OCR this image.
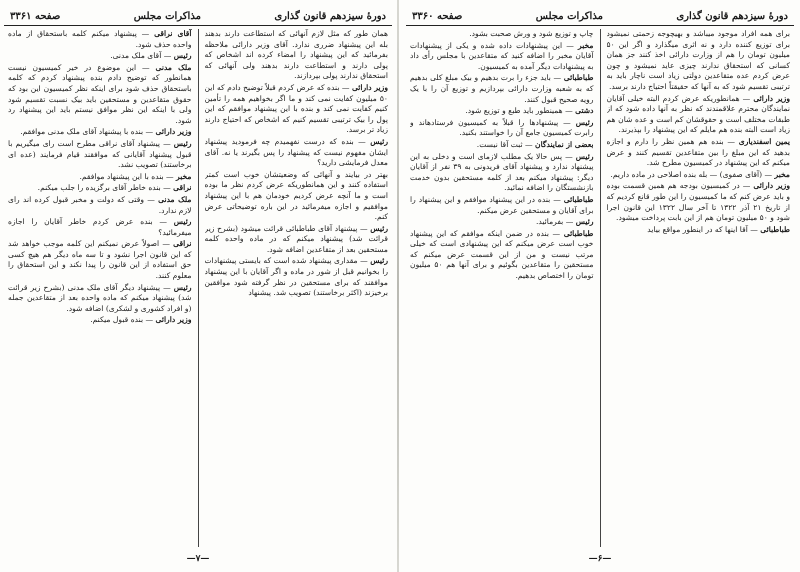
دورهٔ سیزدهم قانون گذاری
مذاکرات مجلس
صفحه ۳۳۶۱

همان طور که مثل لازم آنهائی که استطاعت دارند بدهند بله این پیشنهاد ضرری ندارد. آقای وزیر دارائی ملاحظه بفرمائید که این پیشنهاد را امضاء کرده اند اشخاص که پولی دارند و استطاعت دارند بدهند ولی آنهائی که استحقاق ندارند پولی بپردازند.

وزیر دارائی — بنده که عرض کردم قبلاً توضیح دادم که این ۵۰ میلیون کفایت نمی کند و ما اگر بخواهیم همه را تأمین کنیم کفایت نمی کند و بنده با این پیشنهاد موافقم که این پول را بیک ترتیبی تقسیم کنیم که اشخاص که احتیاج دارند زیاد تر برسد.

رئیس — بنده که درست نفهمیدم چه فرمودید پیشنهاد ایشان مفهوم نیست که پیشنهاد را پس بگیرند یا نه. آقای معدل فرمایشی دارید؟

بهتر در بیایند و آنهائی که وضعیتشان خوب است کمتر استفاده کنند و این همانطوریکه عرض کردم نظر ما بوده است و ما آنچه عرض کردیم خودمان هم با این پیشنهاد موافقیم و اجازه میفرمائید در این باره توضیحاتی عرض کنم.

رئیس — پیشنهاد آقای طباطبائی قرائت میشود (بشرح زیر قرائت شد) پیشنهاد میکنم که در ماده واحده کلمه مستحقین بعد از متقاعدین اضافه شود.

رئیس — مقداری پیشنهاد شده است که بایستی پیشنهادات را بخوانیم قبل از شور در ماده و اگر آقایان با این پیشنهاد موافقند که برای مستحقین در نظر گرفته شود موافقین برخیزند (اکثر برخاستند) تصویب شد. پیشنهاد

آقای نراقی — پیشنهاد میکنم کلمه باستحقاق از ماده واحده حذف شود.

رئیس — آقای ملک مدنی.

ملک مدنی — این موضوع در خیر کمیسیون نیست همانطور که توضیح دادم بنده پیشنهاد کردم که کلمه باستحقاق حذف شود برای اینکه نظر کمیسیون این بود که حقوق متقاعدین و مستحقین باید بیک نسبت تقسیم شود ولی با اینکه این نظر موافق نیستم باید این پیشنهاد رد شود.

وزیر دارائی — بنده با پیشنهاد آقای ملک مدنی موافقم.

رئیس — پیشنهاد آقای نراقی مطرح است رای میگیریم با قبول پیشنهاد آقایانی که موافقند قیام فرمایند (عده ای برخاستند) تصویب نشد.

مخبر — بنده با این پیشنهاد موافقم.

نراقی — بنده خاطر آقای برگزیده را جلب میکنم.

ملک مدنی — وقتی که دولت و مخبر قبول کرده اند رای لازم ندارد.

رئیس — بنده عرض کردم خاطر آقایان را اجازه میفرمائید؟

نراقی — اصولاً عرض نمیکنم این کلمه موجب خواهد شد که این قانون اجرا نشود و تا سه ماه دیگر هم هیچ کسی حق استفاده از این قانون را پیدا نکند و این استحقاق را معلوم کنند.

رئیس — پیشنهاد دیگر آقای ملک مدنی (بشرح زیر قرائت شد) پیشنهاد میکنم که ماده واحده بعد از متقاعدین جمله (و افراد کشوری و لشکری) اضافه شود.

وزیر دارائی — بنده قبول میکنم.

—۷—
دورهٔ سیزدهم قانون گذاری
مذاکرات مجلس
صفحه ۳۳۶۰

برای همه افراد موجود میباشد و بهیچوجه زحمتی نمیشود برای توزیع کننده دارد و نه اثری میگذارد و اگر این ۵۰ میلیون تومان را هم از وزارت دارائی اخذ کنند جز همان کسانی که استحقاق ندارند چیزی عاید نمیشود و چون عرض کردم عده متقاعدین دولتی زیاد است ناچار باید به ترتیبی تقسیم شود که به آنها که حقیقتاً احتیاج دارند برسد.

وزیر دارائی — همانطوریکه عرض کردم البته خیلی آقایان نمایندگان محترم علاقمندند که نظر به آنها داده شود که از طبقات مختلف است و حقوقشان کم است و عده شان هم زیاد است البته بنده هم مایلم که این پیشنهاد را بپذیرند.

یمین اسفندیاری — بنده هم همین نظر را دارم و اجازه بدهید که این مبلغ را بین متقاعدین تقسیم کنند و عرض میکنم که این پیشنهاد در کمیسیون مطرح شد.

مخبر — (آقای صفوی) — بله بنده اصلاحی در ماده داریم.

وزیر دارائی — در کمیسیون بودجه هم همین قسمت بوده و باید عرض کنم که ما کمیسیون را این طور قانع کردیم که از تاریخ ۲۱ آذر ۱۳۲۲ تا آخر سال ۱۳۲۲ این قانون اجرا شود و ۵۰ میلیون تومان هم از این بابت پرداخت میشود.

طباطبائی — آقا اینها که در اینطور مواقع بیاید

چاپ و توزیع شود و ورش صحبت بشود.

مخبر — این پیشنهادات داده شده و یکی از پیشنهادات آقایان مخبر را اضافه کنید که متقاعدین با مجلس رأی داد به پیشنهادات دیگر آمده به کمیسیون.

طباطبائی — باید جزء را برت بدهیم و بیک مبلغ کلی بدهیم که به شعبه وزارت دارائی بپردازیم و توزیع آن را با یک رویه صحیح قبول کنند.

دشتی — همینطور باید طبع و توزیع شود.

رئیس — پیشنهادها را قبلاً به کمیسیون فرستادهاند و رابرت کمیسیون جامع آن را خواستند بکنید.

بعضی از نمایندگان — ثبت آقا نیست.

رئیس — پس حالا یک مطلب لازمای است و دخلی به این پیشنهاد ندارد و پیشنهاد آقای فریدونی به ۳۹ نفر از آقایان دیگر: پیشنهاد میکنم بعد از کلمه مستحقین بدون خدمت بازنشستگان را اضافه نمائید.

طباطبائی — بنده در این پیشنهاد موافقم و این پیشنهاد را برای آقایان و مستحقین عرض میکنم.

رئیس — بفرمائید.

طباطبائی — بنده در ضمن اینکه موافقم که این پیشنهاد خوب است عرض میکنم که این پیشنهادی است که خیلی مرتب نیست و من از این قسمت عرض میکنم که مستحقین را متقاعدین بگوئیم و برای آنها هم ۵۰ میلیون تومان را اختصاص بدهیم.

—۶—
